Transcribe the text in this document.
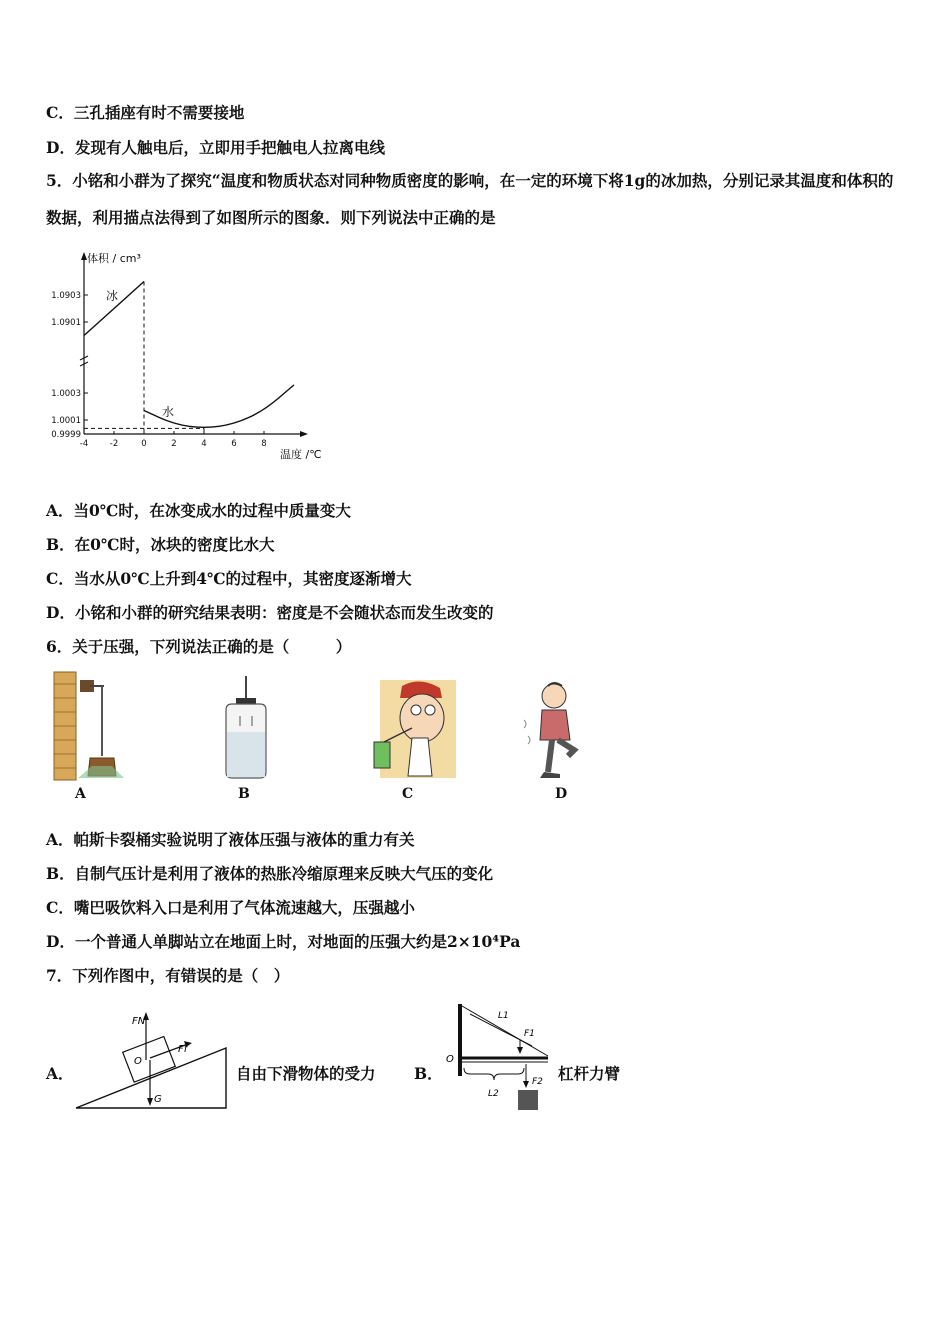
C．三孔插座有时不需要接地
D．发现有人触电后，立即用手把触电人拉离电线
5．小铭和小群为了探究“温度和物质状态对同种物质密度的影响，在一定的环境下将1g的冰加热，分别记录其温度和体积的数据，利用描点法得到了如图所示的图象．则下列说法中正确的是
1.0903
1.0901
1.0003
1.0001
0.9999
-4	-2	0	2	4	6	8
体积 / cm³
温度 /℃
冰
水
A．当0℃时，在冰变成水的过程中质量变大
B．在0℃时，冰块的密度比水大
C．当水从0℃上升到4℃的过程中，其密度逐渐增大
D．小铭和小群的研究结果表明：密度是不会随状态而发生改变的
6．关于压强，下列说法正确的是（　　　）
A	B	C	D
A．帕斯卡裂桶实验说明了液体压强与液体的重力有关
B．自制气压计是利用了液体的热胀冷缩原理来反映大气压的变化
C．嘴巴吸饮料入口是利用了气体流速越大，压强越小
D．一个普通人单脚站立在地面上时，对地面的压强大约是2×10⁴Pa
7．下列作图中，有错误的是（　）
A．
FN
Ff
O
G
自由下滑物体的受力 B．
O
L1
F1
F2
L2
杠杆力臂
